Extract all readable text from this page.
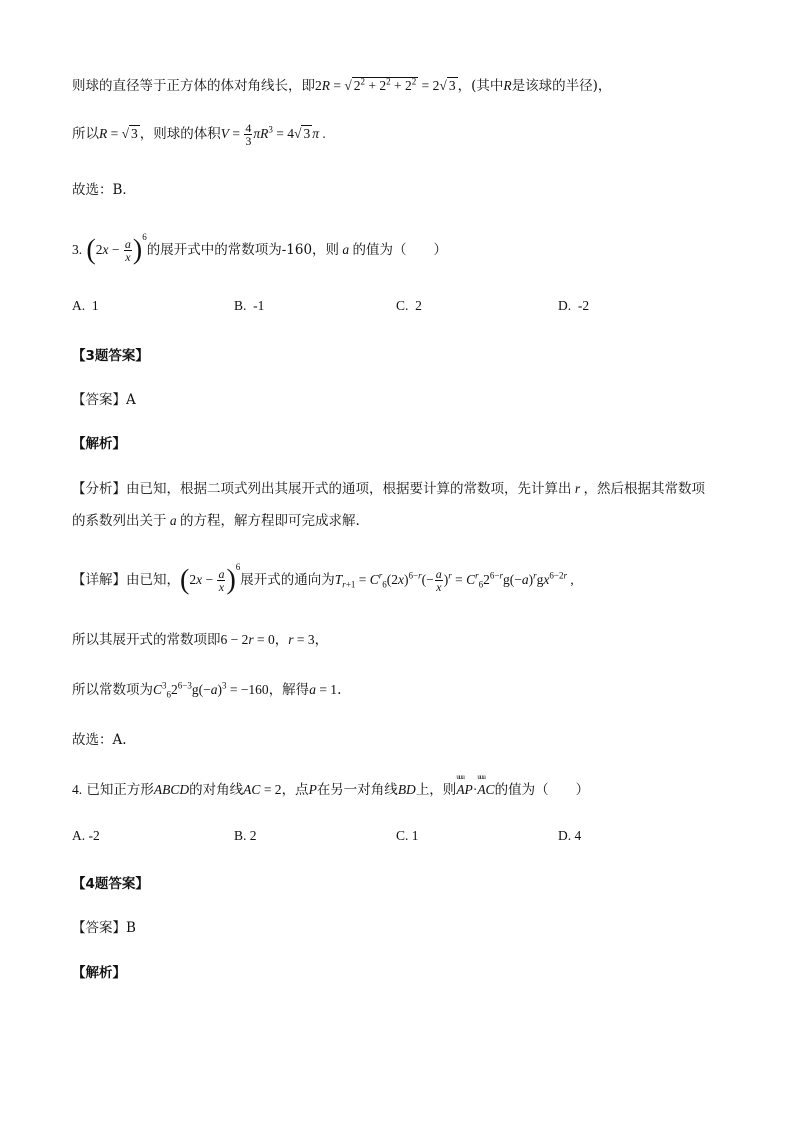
则球的直径等于正方体的体对角线长，即2R = √ $2^2 + 2^2 + 2^2 = 2√$ 3 ，(其中R是该球的半径)，
所以R = √ 3 ，则球的体积$V = \frac{4}{3} \pi R^3 = 4√$ 3 π .
故选：B．
3. $(2x - \frac{a}{x} )^6$的展开式中的常数项为-160，则 a 的值为（　　）
A. 1	B. -1	C. 2	D. -2
【3题答案】
【答案】A
【解析】
【分析】由已知，根据二项式列出其展开式的通项，根据要计算的常数项，先计算出 r ，然后根据其常数项
的系数列出关于 a 的方程，解方程即可完成求解.
【详解】由已知，$(2x - \frac{a}{x} )^6$展开式的通向为$T_{r+1} = C^r_6(2x)^{6-r}(- \frac{a}{x} )^r = C^r_62^{6-r}g(-a)^rgx^{6-2r}$ ,
所以其展开式的常数项即6 − 2r = 0，r = 3，
所以常数项为$C^3_62^{6-3}g(-a)^3 = -160$，解得a = 1.
故选：A.
4. 已知正方形ABCD的对角线AC = 2，点P在另一对角线BD上，则uuu AP·uuu AC的值为（　　）
A. -2	B. 2	C. 1	D. 4
【4题答案】
【答案】B
【解析】
